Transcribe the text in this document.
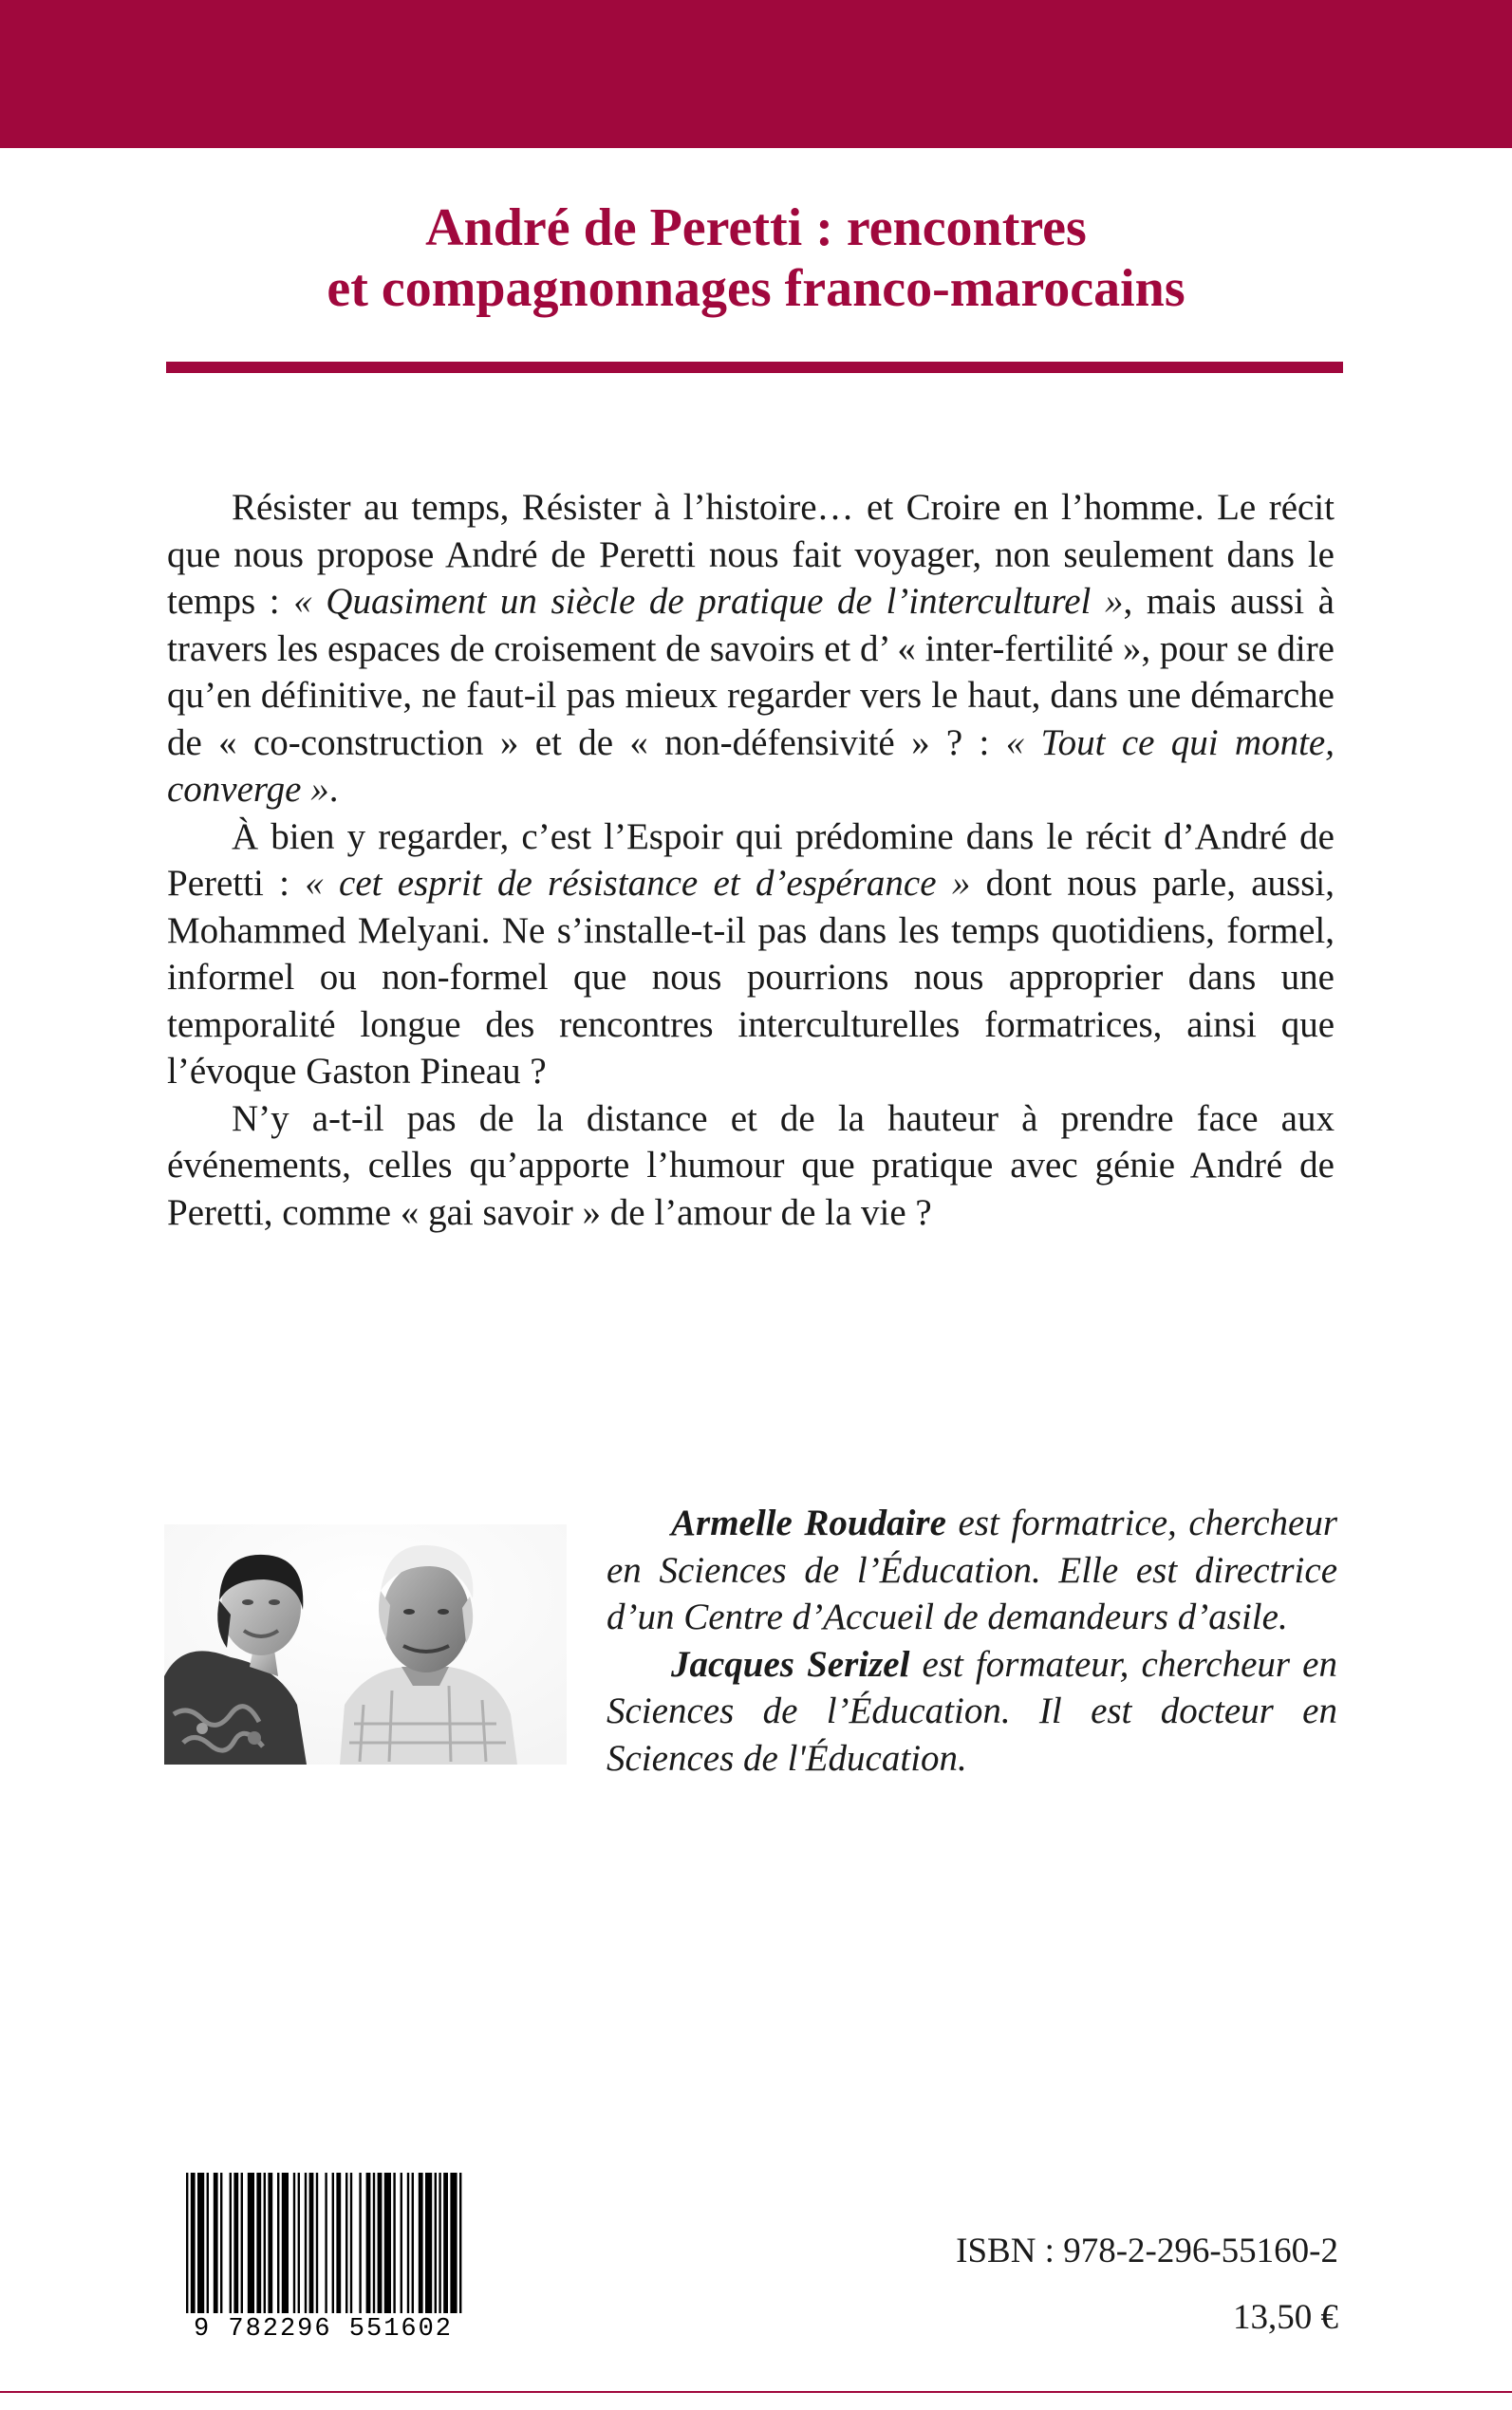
André de Peretti : rencontres
et compagnonnages franco-marocains

Résister au temps, Résister à l’histoire… et Croire en l’homme. Le récit que nous propose André de Peretti nous fait voyager, non seulement dans le temps : « Quasiment un siècle de pratique de l’interculturel », mais aussi à travers les espaces de croisement de savoirs et d’ « inter-fertilité », pour se dire qu’en définitive, ne faut-il pas mieux regarder vers le haut, dans une démarche de « co-construction » et de « non-défensivité » ? : « Tout ce qui monte, converge ».

À bien y regarder, c’est l’Espoir qui prédomine dans le récit d’André de Peretti : « cet esprit de résistance et d’espérance » dont nous parle, aussi, Mohammed Melyani. Ne s’installe-t-il pas dans les temps quotidiens, formel, informel ou non-formel que nous pourrions nous approprier dans une temporalité longue des rencontres interculturelles formatrices, ainsi que l’évoque Gaston Pineau ?

N’y a-t-il pas de la distance et de la hauteur à prendre face aux événements, celles qu’apporte l’humour que pratique avec génie André de Peretti, comme « gai savoir » de l’amour de la vie ?

Armelle Roudaire est formatrice, chercheur en Sciences de l’Éducation. Elle est directrice d’un Centre d’Accueil de demandeurs d’asile.

Jacques Serizel est formateur, chercheur en Sciences de l’Éducation. Il est docteur en Sciences de l'Éducation.

9 782296 551602
ISBN : 978-2-296-55160-2
13,50 €
